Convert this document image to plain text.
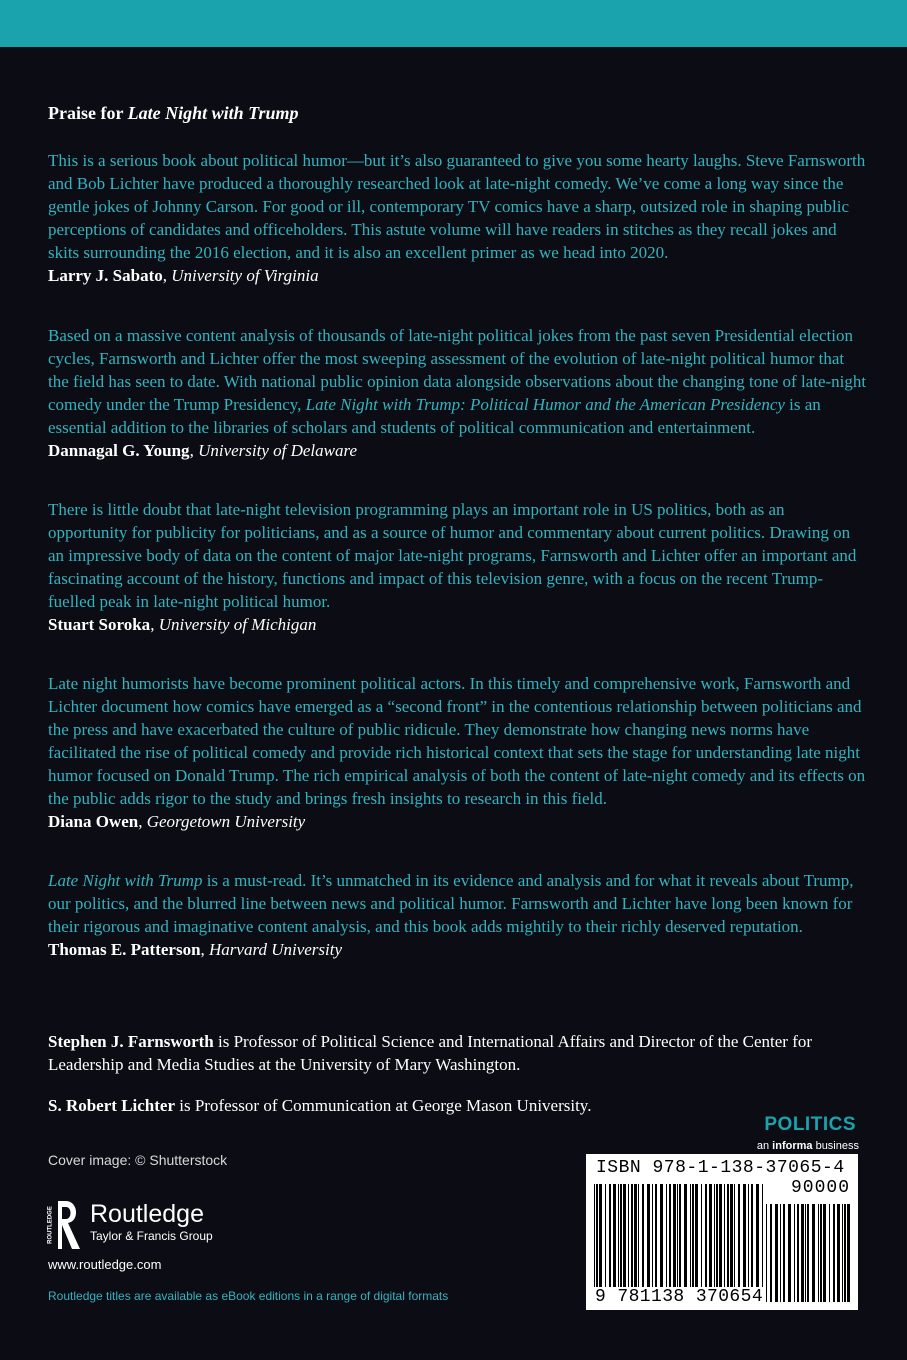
Praise for Late Night with Trump

This is a serious book about political humor—but it’s also guaranteed to give you some hearty laughs. Steve Farnsworth and Bob Lichter have produced a thoroughly researched look at late-night comedy. We’ve come a long way since the gentle jokes of Johnny Carson. For good or ill, contemporary TV comics have a sharp, outsized role in shaping public perceptions of candidates and officeholders. This astute volume will have readers in stitches as they recall jokes and skits surrounding the 2016 election, and it is also an excellent primer as we head into 2020.

Larry J. Sabato, University of Virginia

Based on a massive content analysis of thousands of late-night political jokes from the past seven Presidential election cycles, Farnsworth and Lichter offer the most sweeping assessment of the evolution of late-night political humor that the field has seen to date. With national public opinion data alongside observations about the changing tone of late-night comedy under the Trump Presidency, Late Night with Trump: Political Humor and the American Presidency is an essential addition to the libraries of scholars and students of political communication and entertainment.

Dannagal G. Young, University of Delaware

There is little doubt that late-night television programming plays an important role in US politics, both as an opportunity for publicity for politicians, and as a source of humor and commentary about current politics. Drawing on an impressive body of data on the content of major late-night programs, Farnsworth and Lichter offer an important and fascinating account of the history, functions and impact of this television genre, with a focus on the recent Trump-fuelled peak in late-night political humor.

Stuart Soroka, University of Michigan

Late night humorists have become prominent political actors. In this timely and comprehensive work, Farnsworth and Lichter document how comics have emerged as a “second front” in the contentious relationship between politicians and the press and have exacerbated the culture of public ridicule. They demonstrate how changing news norms have facilitated the rise of political comedy and provide rich historical context that sets the stage for understanding late night humor focused on Donald Trump. The rich empirical analysis of both the content of late-night comedy and its effects on the public adds rigor to the study and brings fresh insights to research in this field.

Diana Owen, Georgetown University

Late Night with Trump is a must-read. It’s unmatched in its evidence and analysis and for what it reveals about Trump, our politics, and the blurred line between news and political humor. Farnsworth and Lichter have long been known for their rigorous and imaginative content analysis, and this book adds mightily to their richly deserved reputation.

Thomas E. Patterson, Harvard University

Stephen J. Farnsworth is Professor of Political Science and International Affairs and Director of the Center for Leadership and Media Studies at the University of Mary Washington.
S. Robert Lichter is Professor of Communication at George Mason University.
Cover image: © Shutterstock
ROUTLEDGE Routledge
Taylor & Francis Group
www.routledge.com
Routledge titles are available as eBook editions in a range of digital formats
POLITICS
an informa business
ISBN 978-1-138-37065-4
90000
9 781138 370654
